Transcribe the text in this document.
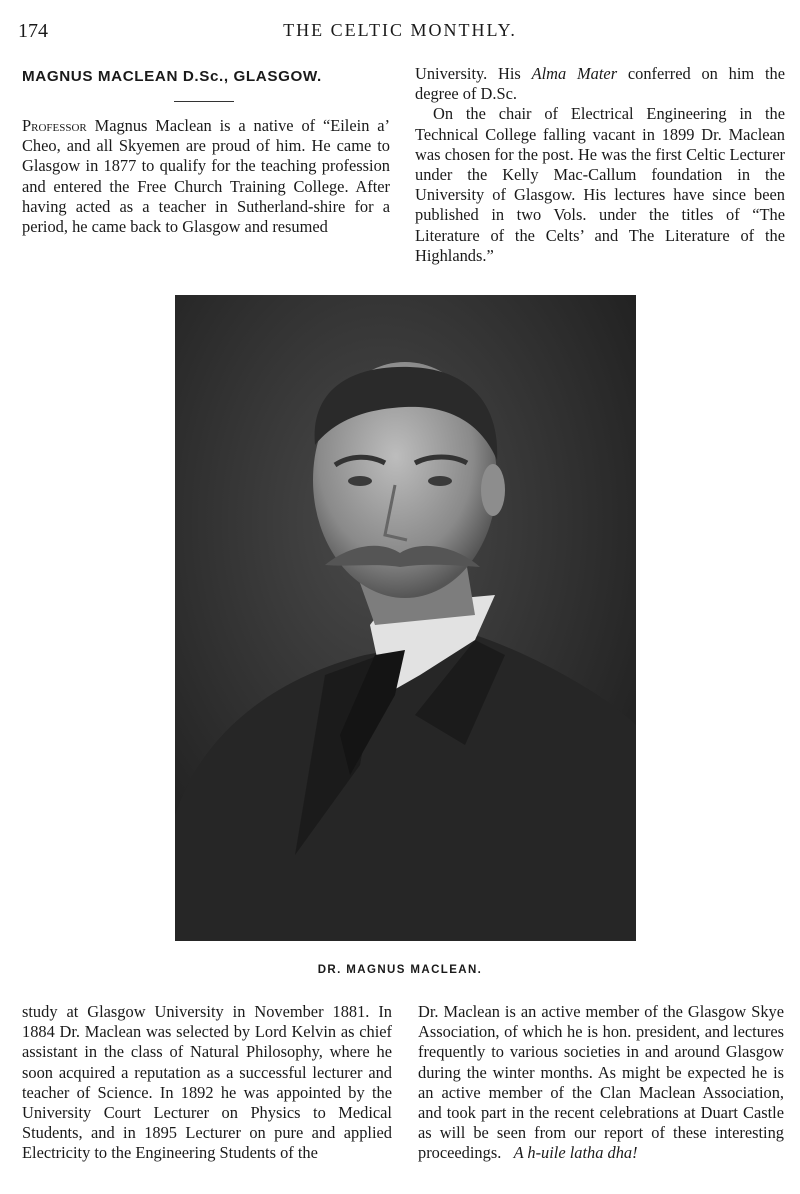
174	THE CELTIC MONTHLY.
MAGNUS MACLEAN D.Sc., GLASGOW.

Professor Magnus Maclean is a native of “Eilein a’ Cheo, and all Skyemen are proud of him. He came to Glasgow in 1877 to qualify for the teaching profession and entered the Free Church Training College. After having acted as a teacher in Sutherland-shire for a period, he came back to Glasgow and resumed

University. His Alma Mater conferred on him the degree of D.Sc.

On the chair of Electrical Engineering in the Technical College falling vacant in 1899 Dr. Maclean was chosen for the post. He was the first Celtic Lecturer under the Kelly Mac-Callum foundation in the University of Glasgow. His lectures have since been published in two Vols. under the titles of “The Literature of the Celts’ and The Literature of the Highlands.”

DR. MAGNUS MACLEAN.

study at Glasgow University in November 1881. In 1884 Dr. Maclean was selected by Lord Kelvin as chief assistant in the class of Natural Philosophy, where he soon acquired a reputation as a successful lecturer and teacher of Science. In 1892 he was appointed by the University Court Lecturer on Physics to Medical Students, and in 1895 Lecturer on pure and applied Electricity to the Engineering Students of the

Dr. Maclean is an active member of the Glasgow Skye Association, of which he is hon. president, and lectures frequently to various societies in and around Glasgow during the winter months. As might be expected he is an active member of the Clan Maclean Association, and took part in the recent celebrations at Duart Castle as will be seen from our report of these interesting proceedings. A h-uile latha dha!
